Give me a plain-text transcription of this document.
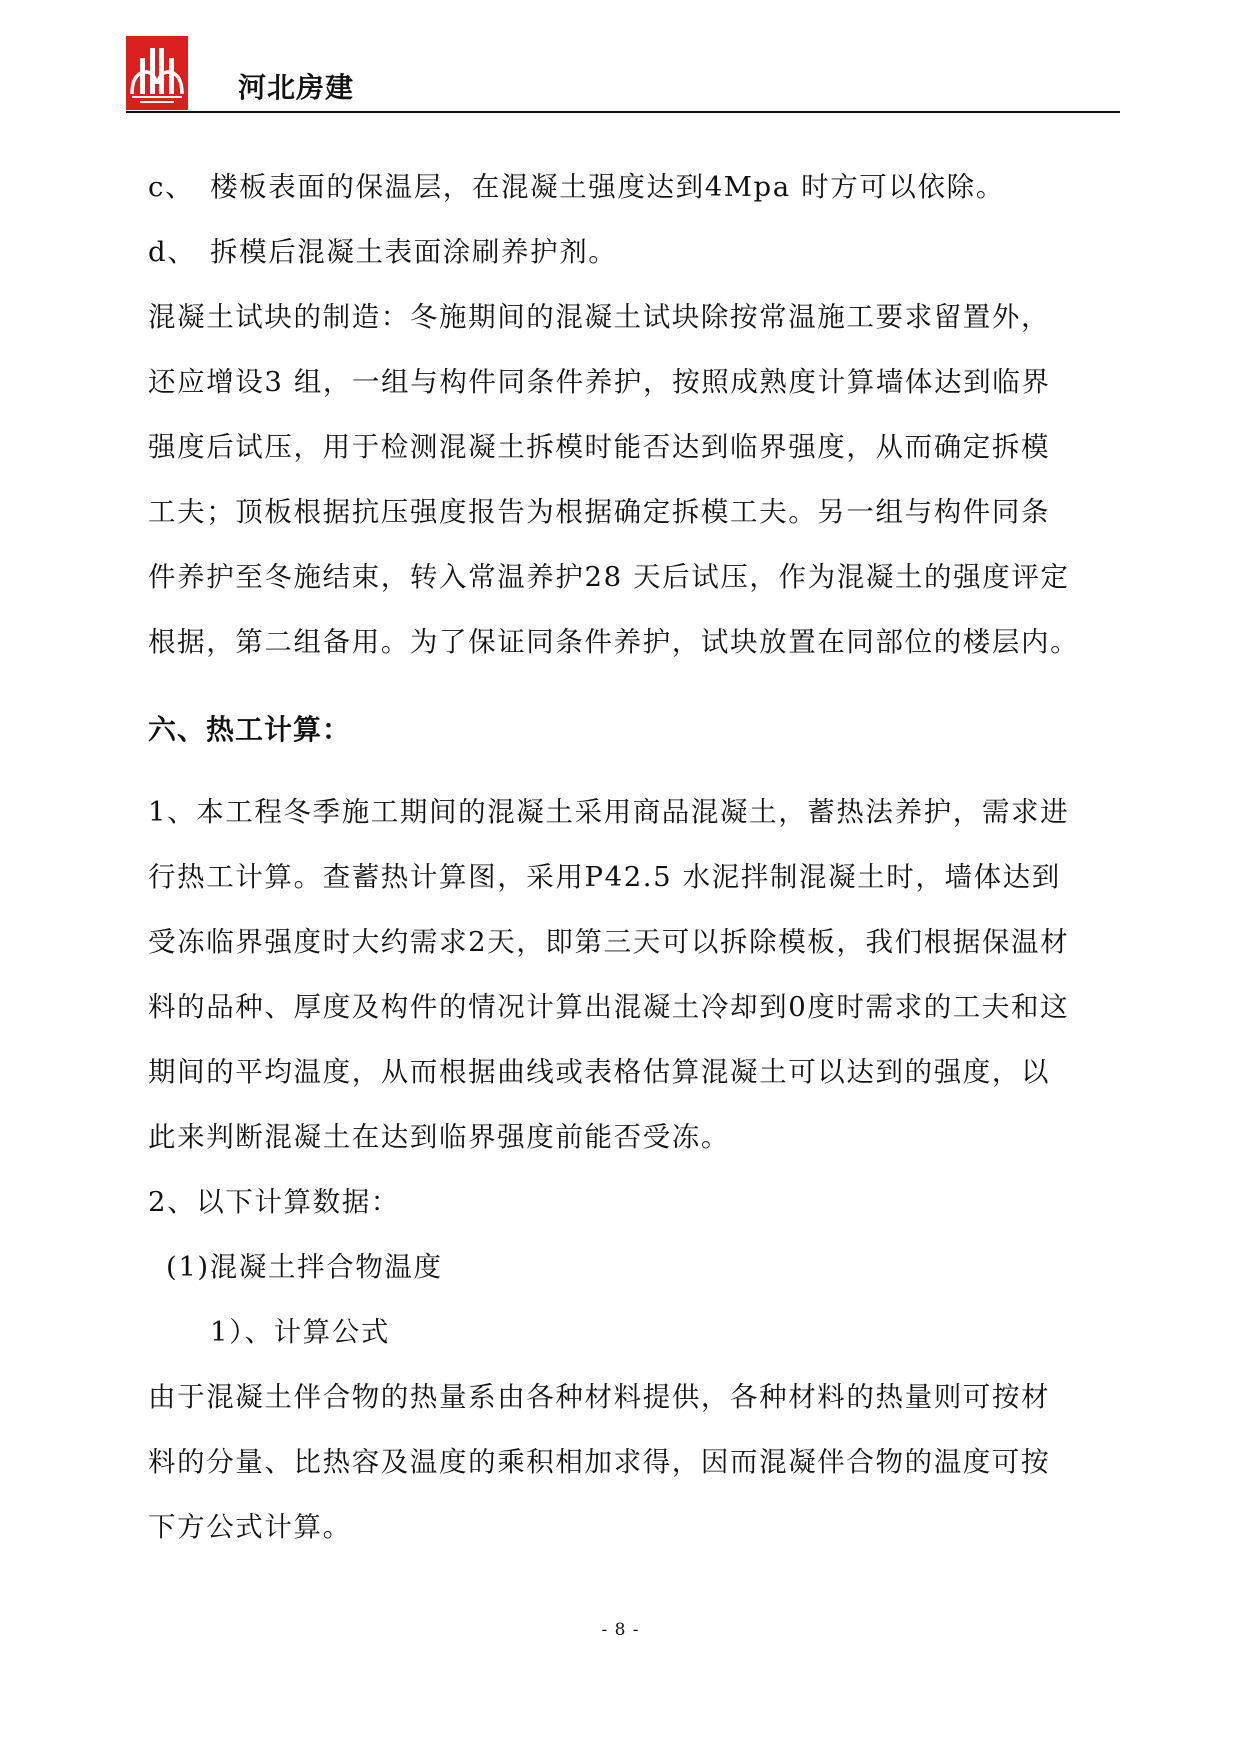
河北房建
c、 楼板表面的保温层，在混凝土强度达到4Mpa 时方可以依除。
d、 拆模后混凝土表面涂刷养护剂。
混凝土试块的制造：冬施期间的混凝土试块除按常温施工要求留置外，
还应增设3 组，一组与构件同条件养护，按照成熟度计算墙体达到临界
强度后试压，用于检测混凝土拆模时能否达到临界强度，从而确定拆模
工夫；顶板根据抗压强度报告为根据确定拆模工夫。另一组与构件同条
件养护至冬施结束，转入常温养护28 天后试压，作为混凝土的强度评定
根据，第二组备用。为了保证同条件养护，试块放置在同部位的楼层内。
六、热工计算：
1、本工程冬季施工期间的混凝土采用商品混凝土，蓄热法养护，需求进
行热工计算。查蓄热计算图，采用P42.5 水泥拌制混凝土时，墙体达到
受冻临界强度时大约需求2天，即第三天可以拆除模板，我们根据保温材
料的品种、厚度及构件的情况计算出混凝土冷却到0度时需求的工夫和这
期间的平均温度，从而根据曲线或表格估算混凝土可以达到的强度，以
此来判断混凝土在达到临界强度前能否受冻。
2、以下计算数据：
(1)混凝土拌合物温度
1）、计算公式
由于混凝土伴合物的热量系由各种材料提供，各种材料的热量则可按材
料的分量、比热容及温度的乘积相加求得，因而混凝伴合物的温度可按
下方公式计算。
- 8 -
